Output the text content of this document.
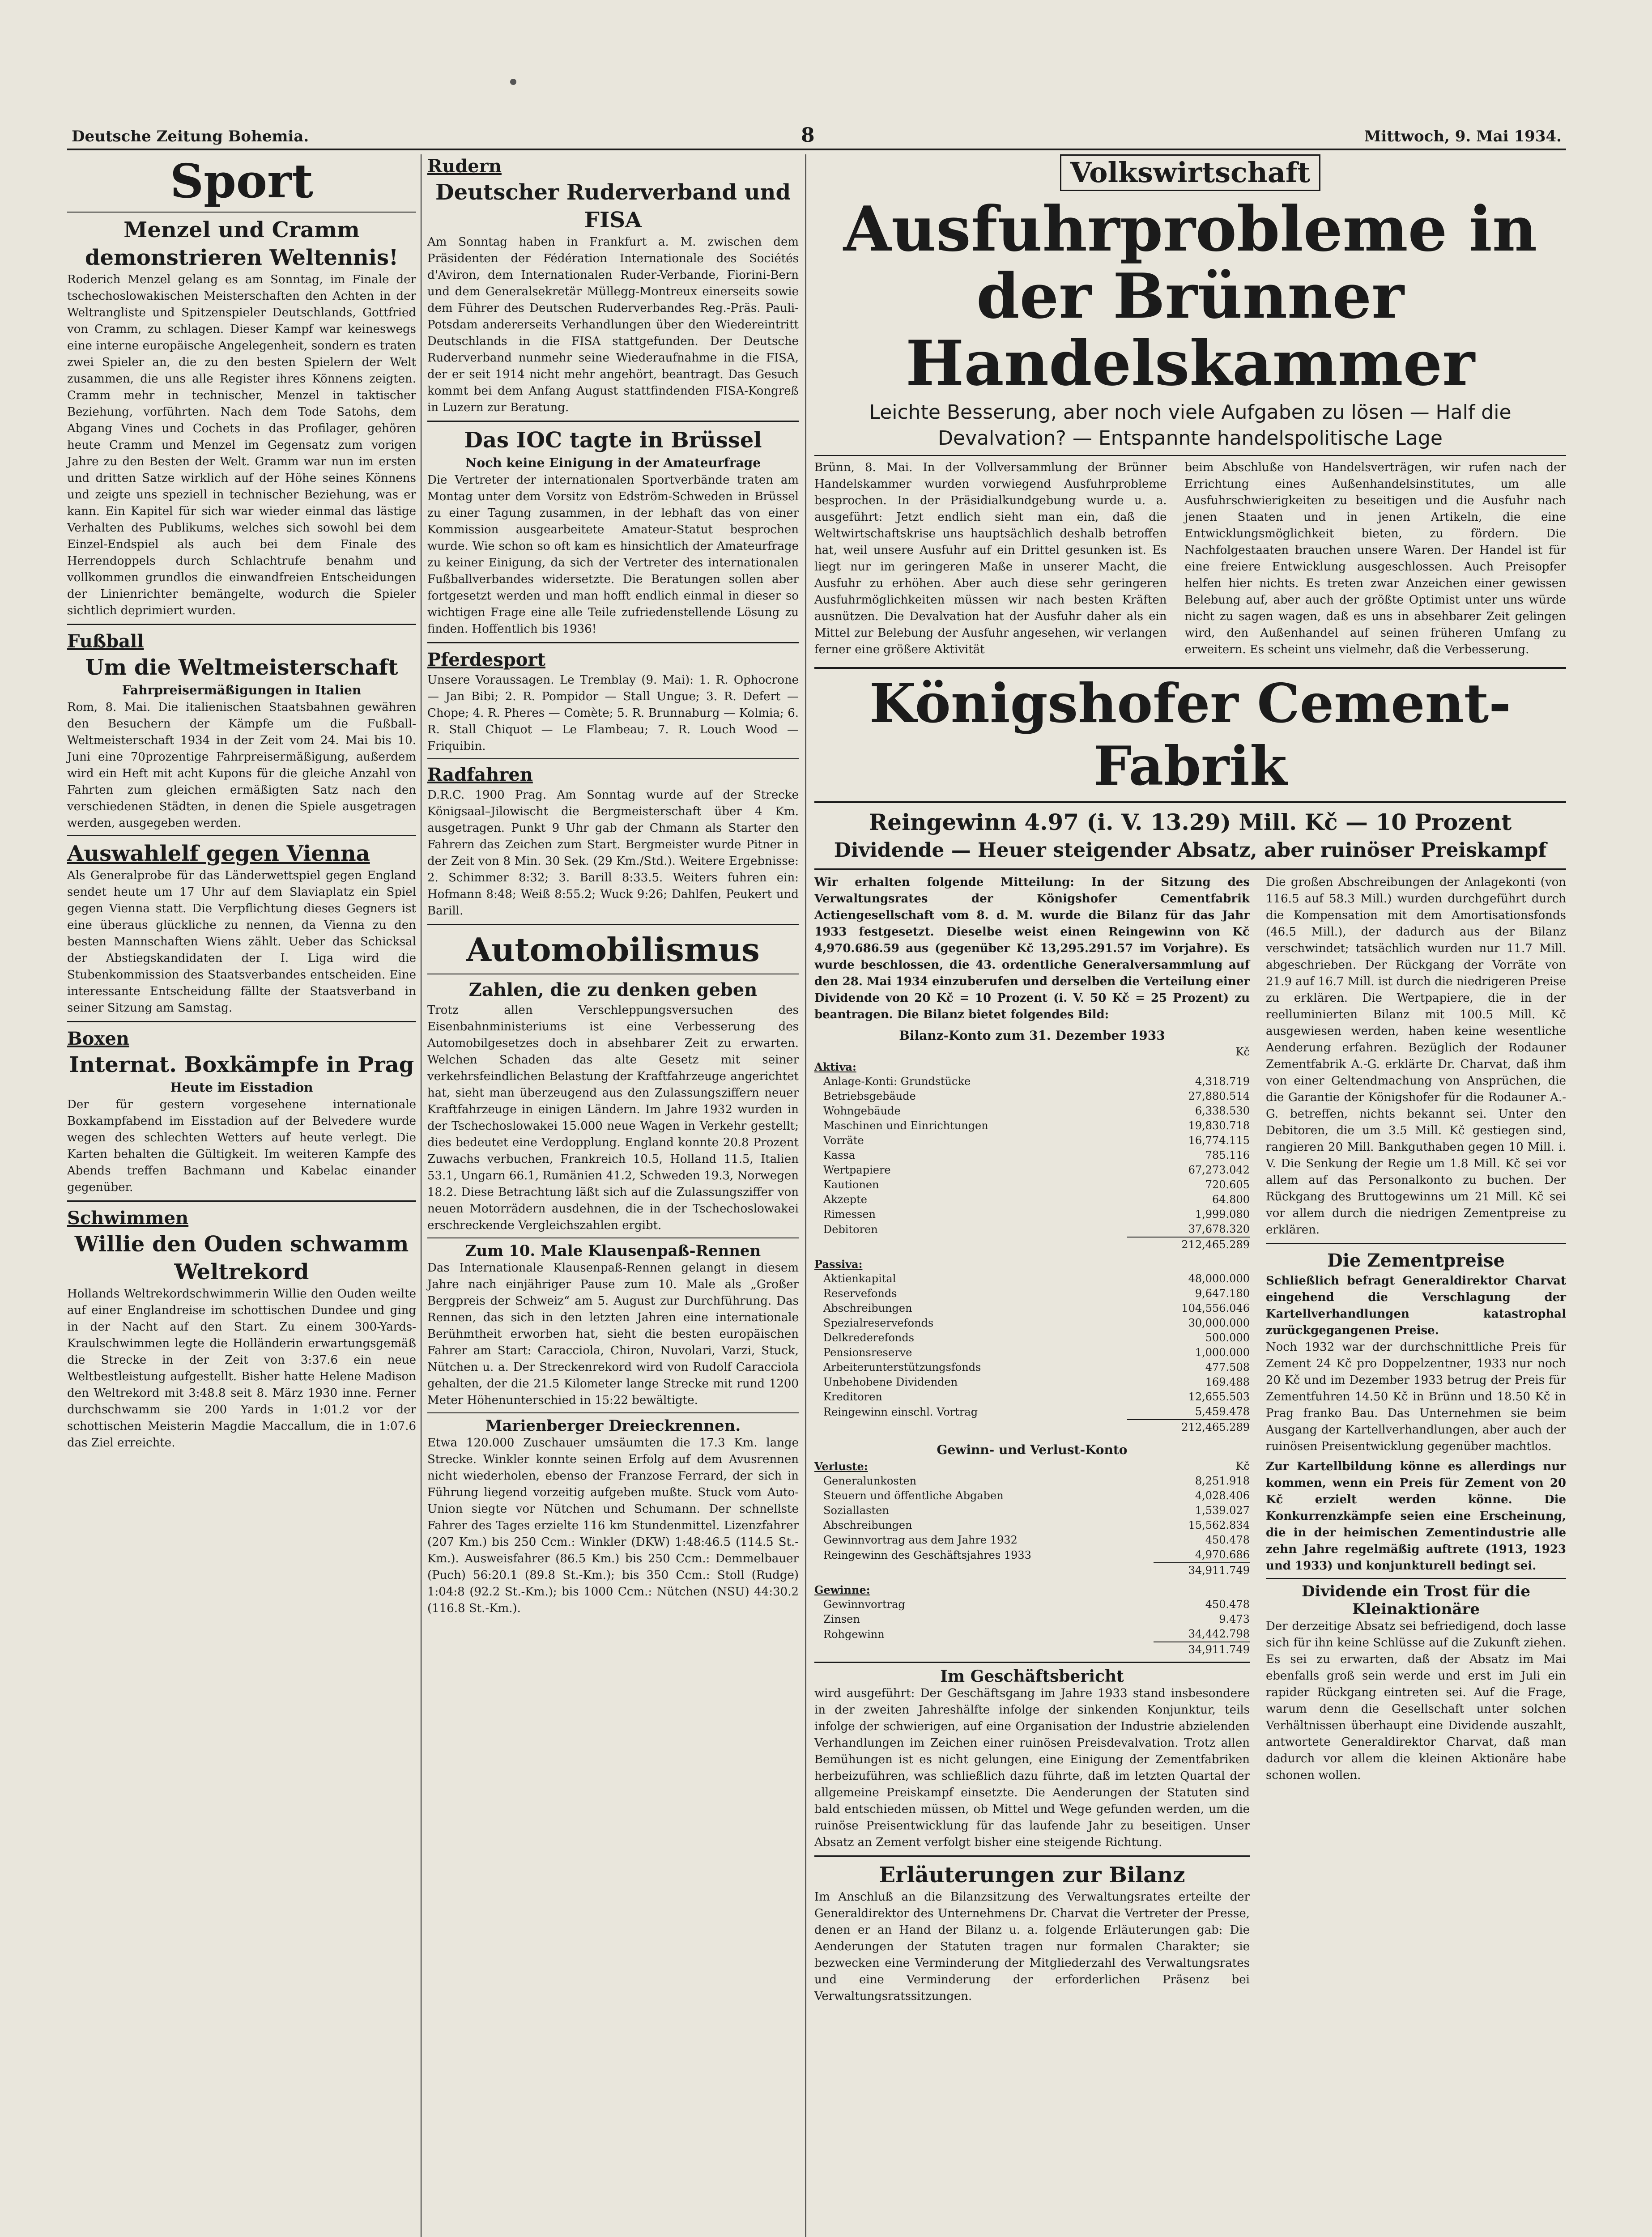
Deutsche Zeitung Bohemia.	8	Mittwoch, 9. Mai 1934.
Sport
Menzel und Cramm demonstrieren Weltennis!

Roderich Menzel gelang es am Sonntag, im Finale der tschechoslowakischen Meisterschaften den Achten in der Weltrangliste und Spitzenspieler Deutschlands, Gottfried von Cramm, zu schlagen. Dieser Kampf war keineswegs eine interne europäische Angelegenheit, sondern es traten zwei Spieler an, die zu den besten Spielern der Welt zusammen, die uns alle Register ihres Könnens zeigten. Cramm mehr in technischer, Menzel in taktischer Beziehung, vorführten. Nach dem Tode Satohs, dem Abgang Vines und Cochets in das Profilager, gehören heute Cramm und Menzel im Gegensatz zum vorigen Jahre zu den Besten der Welt. Gramm war nun im ersten und dritten Satze wirklich auf der Höhe seines Könnens und zeigte uns speziell in technischer Beziehung, was er kann. Ein Kapitel für sich war wieder einmal das lästige Verhalten des Publikums, welches sich sowohl bei dem Einzel-Endspiel als auch bei dem Finale des Herrendoppels durch Schlachtrufe benahm und vollkommen grundlos die einwandfreien Entscheidungen der Linienrichter bemängelte, wodurch die Spieler sichtlich deprimiert wurden.

Fußball
Um die Weltmeisterschaft
Fahrpreisermäßigungen in Italien

Rom, 8. Mai. Die italienischen Staatsbahnen gewähren den Besuchern der Kämpfe um die Fußball-Weltmeisterschaft 1934 in der Zeit vom 24. Mai bis 10. Juni eine 70prozentige Fahrpreisermäßigung, außerdem wird ein Heft mit acht Kupons für die gleiche Anzahl von Fahrten zum gleichen ermäßigten Satz nach den verschiedenen Städten, in denen die Spiele ausgetragen werden, ausgegeben werden.

Auswahlelf gegen Vienna

Als Generalprobe für das Länderwettspiel gegen England sendet heute um 17 Uhr auf dem Slaviaplatz ein Spiel gegen Vienna statt. Die Verpflichtung dieses Gegners ist eine überaus glückliche zu nennen, da Vienna zu den besten Mannschaften Wiens zählt. Ueber das Schicksal der Abstiegskandidaten der I. Liga wird die Stubenkommission des Staatsverbandes entscheiden. Eine interessante Entscheidung fällte der Staatsverband in seiner Sitzung am Samstag.

Boxen
Internat. Boxkämpfe in Prag
Heute im Eisstadion

Der für gestern vorgesehene internationale Boxkampfabend im Eisstadion auf der Belvedere wurde wegen des schlechten Wetters auf heute verlegt. Die Karten behalten die Gültigkeit. Im weiteren Kampfe des Abends treffen Bachmann und Kabelac einander gegenüber.

Schwimmen
Willie den Ouden schwamm Weltrekord

Hollands Weltrekordschwimmerin Willie den Ouden weilte auf einer Englandreise im schottischen Dundee und ging in der Nacht auf den Start. Zu einem 300-Yards-Kraulschwimmen legte die Holländerin erwartungsgemäß die Strecke in der Zeit von 3:37.6 ein neue Weltbestleistung aufgestellt. Bisher hatte Helene Madison den Weltrekord mit 3:48.8 seit 8. März 1930 inne. Ferner durchschwamm sie 200 Yards in 1:01.2 vor der schottischen Meisterin Magdie Maccallum, die in 1:07.6 das Ziel erreichte.

Rudern
Deutscher Ruderverband und FISA

Am Sonntag haben in Frankfurt a. M. zwischen dem Präsidenten der Fédération Internationale des Sociétés d'Aviron, dem Internationalen Ruder-Verbande, Fiorini-Bern und dem Generalsekretär Müllegg-Montreux einerseits sowie dem Führer des Deutschen Ruderverbandes Reg.-Präs. Pauli-Potsdam andererseits Verhandlungen über den Wiedereintritt Deutschlands in die FISA stattgefunden. Der Deutsche Ruderverband nunmehr seine Wiederaufnahme in die FISA, der er seit 1914 nicht mehr angehört, beantragt. Das Gesuch kommt bei dem Anfang August stattfindenden FISA-Kongreß in Luzern zur Beratung.

Das IOC tagte in Brüssel
Noch keine Einigung in der Amateurfrage

Die Vertreter der internationalen Sportverbände traten am Montag unter dem Vorsitz von Edström-Schweden in Brüssel zu einer Tagung zusammen, in der lebhaft das von einer Kommission ausgearbeitete Amateur-Statut besprochen wurde. Wie schon so oft kam es hinsichtlich der Amateurfrage zu keiner Einigung, da sich der Vertreter des internationalen Fußballverbandes widersetzte. Die Beratungen sollen aber fortgesetzt werden und man hofft endlich einmal in dieser so wichtigen Frage eine alle Teile zufriedenstellende Lösung zu finden. Hoffentlich bis 1936!

Pferdesport

Unsere Voraussagen. Le Tremblay (9. Mai): 1. R. Ophocrone — Jan Bibi; 2. R. Pompidor — Stall Ungue; 3. R. Defert — Chope; 4. R. Pheres — Comète; 5. R. Brunnaburg — Kolmia; 6. R. Stall Chiquot — Le Flambeau; 7. R. Louch Wood — Friquibin.

Radfahren

D.R.C. 1900 Prag. Am Sonntag wurde auf der Strecke Königsaal–Jilowischt die Bergmeisterschaft über 4 Km. ausgetragen. Punkt 9 Uhr gab der Chmann als Starter den Fahrern das Zeichen zum Start. Bergmeister wurde Pitner in der Zeit von 8 Min. 30 Sek. (29 Km./Std.). Weitere Ergebnisse: 2. Schimmer 8:32; 3. Barill 8:33.5. Weiters fuhren ein: Hofmann 8:48; Weiß 8:55.2; Wuck 9:26; Dahlfen, Peukert und Barill.

Automobilismus
Zahlen, die zu denken geben

Trotz allen Verschleppungsversuchen des Eisenbahnministeriums ist eine Verbesserung des Automobilgesetzes doch in absehbarer Zeit zu erwarten. Welchen Schaden das alte Gesetz mit seiner verkehrsfeindlichen Belastung der Kraftfahrzeuge angerichtet hat, sieht man überzeugend aus den Zulassungsziffern neuer Kraftfahrzeuge in einigen Ländern. Im Jahre 1932 wurden in der Tschechoslowakei 15.000 neue Wagen in Verkehr gestellt; dies bedeutet eine Verdopplung. England konnte 20.8 Prozent Zuwachs verbuchen, Frankreich 10.5, Holland 11.5, Italien 53.1, Ungarn 66.1, Rumänien 41.2, Schweden 19.3, Norwegen 18.2. Diese Betrachtung läßt sich auf die Zulassungsziffer von neuen Motorrädern ausdehnen, die in der Tschechoslowakei erschreckende Vergleichszahlen ergibt.

Zum 10. Male Klausenpaß-Rennen

Das Internationale Klausenpaß-Rennen gelangt in diesem Jahre nach einjähriger Pause zum 10. Male als „Großer Bergpreis der Schweiz“ am 5. August zur Durchführung. Das Rennen, das sich in den letzten Jahren eine internationale Berühmtheit erworben hat, sieht die besten europäischen Fahrer am Start: Caracciola, Chiron, Nuvolari, Varzi, Stuck, Nütchen u. a. Der Streckenrekord wird von Rudolf Caracciola gehalten, der die 21.5 Kilometer lange Strecke mit rund 1200 Meter Höhenunterschied in 15:22 bewältigte.

Marienberger Dreieckrennen.

Etwa 120.000 Zuschauer umsäumten die 17.3 Km. lange Strecke. Winkler konnte seinen Erfolg auf dem Avusrennen nicht wiederholen, ebenso der Franzose Ferrard, der sich in Führung liegend vorzeitig aufgeben mußte. Stuck vom Auto-Union siegte vor Nütchen und Schumann. Der schnellste Fahrer des Tages erzielte 116 km Stundenmittel. Lizenzfahrer (207 Km.) bis 250 Ccm.: Winkler (DKW) 1:48:46.5 (114.5 St.-Km.). Ausweisfahrer (86.5 Km.) bis 250 Ccm.: Demmelbauer (Puch) 56:20.1 (89.8 St.-Km.); bis 350 Ccm.: Stoll (Rudge) 1:04:8 (92.2 St.-Km.); bis 1000 Ccm.: Nütchen (NSU) 44:30.2 (116.8 St.-Km.).

Volkswirtschaft
Ausfuhrprobleme in der Brünner Handelskammer
Leichte Besserung, aber noch viele Aufgaben zu lösen — Half die Devalvation? — Entspannte handelspolitische Lage

Brünn, 8. Mai. In der Vollversammlung der Brünner Handelskammer wurden vorwiegend Ausfuhrprobleme besprochen. In der Präsidialkundgebung wurde u. a. ausgeführt: Jetzt endlich sieht man ein, daß die Weltwirtschaftskrise uns hauptsächlich deshalb betroffen hat, weil unsere Ausfuhr auf ein Drittel gesunken ist. Es liegt nur im geringeren Maße in unserer Macht, die Ausfuhr zu erhöhen. Aber auch diese sehr geringeren Ausfuhrmöglichkeiten müssen wir nach besten Kräften ausnützen. Die Devalvation hat der Ausfuhr daher als ein Mittel zur Belebung der Ausfuhr angesehen, wir verlangen ferner eine größere Aktivität

beim Abschluße von Handelsverträgen, wir rufen nach der Errichtung eines Außenhandelsinstitutes, um alle Ausfuhrschwierigkeiten zu beseitigen und die Ausfuhr nach jenen Staaten und in jenen Artikeln, die eine Entwicklungsmöglichkeit bieten, zu fördern. Die Nachfolgestaaten brauchen unsere Waren. Der Handel ist für eine freiere Entwicklung ausgeschlossen. Auch Preisopfer helfen hier nichts. Es treten zwar Anzeichen einer gewissen Belebung auf, aber auch der größte Optimist unter uns würde nicht zu sagen wagen, daß es uns in absehbarer Zeit gelingen wird, den Außenhandel auf seinen früheren Umfang zu erweitern. Es scheint uns vielmehr, daß die Verbesserung.

Königshofer Cement-Fabrik
Reingewinn 4.97 (i. V. 13.29) Mill. Kč — 10 Prozent
Dividende — Heuer steigender Absatz, aber ruinöser Preiskampf

Wir erhalten folgende Mitteilung: In der Sitzung des Verwaltungsrates der Königshofer Cementfabrik Actiengesellschaft vom 8. d. M. wurde die Bilanz für das Jahr 1933 festgesetzt. Dieselbe weist einen Reingewinn von Kč 4,970.686.59 aus (gegenüber Kč 13,295.291.57 im Vorjahre). Es wurde beschlossen, die 43. ordentliche Generalversammlung auf den 28. Mai 1934 einzuberufen und derselben die Verteilung einer Dividende von 20 Kč = 10 Prozent (i. V. 50 Kč = 25 Prozent) zu beantragen. Die Bilanz bietet folgendes Bild:

Bilanz-Konto zum 31. Dezember 1933
	Kč
Aktiva:	
Anlage-Konti: Grundstücke	4,318.719
Betriebsgebäude	27,880.514
Wohngebäude	6,338.530
Maschinen und Einrichtungen	19,830.718
Vorräte	16,774.115
Kassa	785.116
Wertpapiere	67,273.042
Kautionen	720.605
Akzepte	64.800
Rimessen	1,999.080
Debitoren	37,678.320
	212,465.289
Passiva:	
Aktienkapital	48,000.000
Reservefonds	9,647.180
Abschreibungen	104,556.046
Spezialreservefonds	30,000.000
Delkrederefonds	500.000
Pensionsreserve	1,000.000
Arbeiterunterstützungsfonds	477.508
Unbehobene Dividenden	169.488
Kreditoren	12,655.503
Reingewinn einschl. Vortrag	5,459.478
	212,465.289
Gewinn- und Verlust-Konto
Verluste:	Kč
Generalunkosten	8,251.918
Steuern und öffentliche Abgaben	4,028.406
Soziallasten	1,539.027
Abschreibungen	15,562.834
Gewinnvortrag aus dem Jahre 1932	450.478
Reingewinn des Geschäftsjahres 1933	4,970.686
	34,911.749
Gewinne:	
Gewinnvortrag	450.478
Zinsen	9.473
Rohgewinn	34,442.798
	34,911.749
Im Geschäftsbericht

wird ausgeführt: Der Geschäftsgang im Jahre 1933 stand insbesondere in der zweiten Jahreshälfte infolge der sinkenden Konjunktur, teils infolge der schwierigen, auf eine Organisation der Industrie abzielenden Verhandlungen im Zeichen einer ruinösen Preisdevalvation. Trotz allen Bemühungen ist es nicht gelungen, eine Einigung der Zementfabriken herbeizuführen, was schließlich dazu führte, daß im letzten Quartal der allgemeine Preiskampf einsetzte. Die Aenderungen der Statuten sind bald entschieden müssen, ob Mittel und Wege gefunden werden, um die ruinöse Preisentwicklung für das laufende Jahr zu beseitigen. Unser Absatz an Zement verfolgt bisher eine steigende Richtung.

Erläuterungen zur Bilanz

Im Anschluß an die Bilanzsitzung des Verwaltungsrates erteilte der Generaldirektor des Unternehmens Dr. Charvat die Vertreter der Presse, denen er an Hand der Bilanz u. a. folgende Erläuterungen gab: Die Aenderungen der Statuten tragen nur formalen Charakter; sie bezwecken eine Verminderung der Mitgliederzahl des Verwaltungsrates und eine Verminderung der erforderlichen Präsenz bei Verwaltungsratssitzungen.

Die großen Abschreibungen der Anlagekonti (von 116.5 auf 58.3 Mill.) wurden durchgeführt durch die Kompensation mit dem Amortisationsfonds (46.5 Mill.), der dadurch aus der Bilanz verschwindet; tatsächlich wurden nur 11.7 Mill. abgeschrieben. Der Rückgang der Vorräte von 21.9 auf 16.7 Mill. ist durch die niedrigeren Preise zu erklären. Die Wertpapiere, die in der reelluminierten Bilanz mit 100.5 Mill. Kč ausgewiesen werden, haben keine wesentliche Aenderung erfahren. Bezüglich der Rodauner Zementfabrik A.-G. erklärte Dr. Charvat, daß ihm von einer Geltendmachung von Ansprüchen, die die Garantie der Königshofer für die Rodauner A.-G. betreffen, nichts bekannt sei. Unter den Debitoren, die um 3.5 Mill. Kč gestiegen sind, rangieren 20 Mill. Bankguthaben gegen 10 Mill. i. V. Die Senkung der Regie um 1.8 Mill. Kč sei vor allem auf das Personalkonto zu buchen. Der Rückgang des Bruttogewinns um 21 Mill. Kč sei vor allem durch die niedrigen Zementpreise zu erklären.

Die Zementpreise

Schließlich befragt Generaldirektor Charvat eingehend die Verschlagung der Kartellverhandlungen katastrophal zurückgegangenen Preise.

Noch 1932 war der durchschnittliche Preis für Zement 24 Kč pro Doppelzentner, 1933 nur noch 20 Kč und im Dezember 1933 betrug der Preis für Zementfuhren 14.50 Kč in Brünn und 18.50 Kč in Prag franko Bau. Das Unternehmen sie beim Ausgang der Kartellverhandlungen, aber auch der ruinösen Preisentwicklung gegenüber machtlos.

Zur Kartellbildung könne es allerdings nur kommen, wenn ein Preis für Zement von 20 Kč erzielt werden könne. Die Konkurrenzkämpfe seien eine Erscheinung, die in der heimischen Zementindustrie alle zehn Jahre regelmäßig auftrete (1913, 1923 und 1933) und konjunkturell bedingt sei.

Dividende ein Trost für die Kleinaktionäre

Der derzeitige Absatz sei befriedigend, doch lasse sich für ihn keine Schlüsse auf die Zukunft ziehen. Es sei zu erwarten, daß der Absatz im Mai ebenfalls groß sein werde und erst im Juli ein rapider Rückgang eintreten sei. Auf die Frage, warum denn die Gesellschaft unter solchen Verhältnissen überhaupt eine Dividende auszahlt, antwortete Generaldirektor Charvat, daß man dadurch vor allem die kleinen Aktionäre habe schonen wollen.
